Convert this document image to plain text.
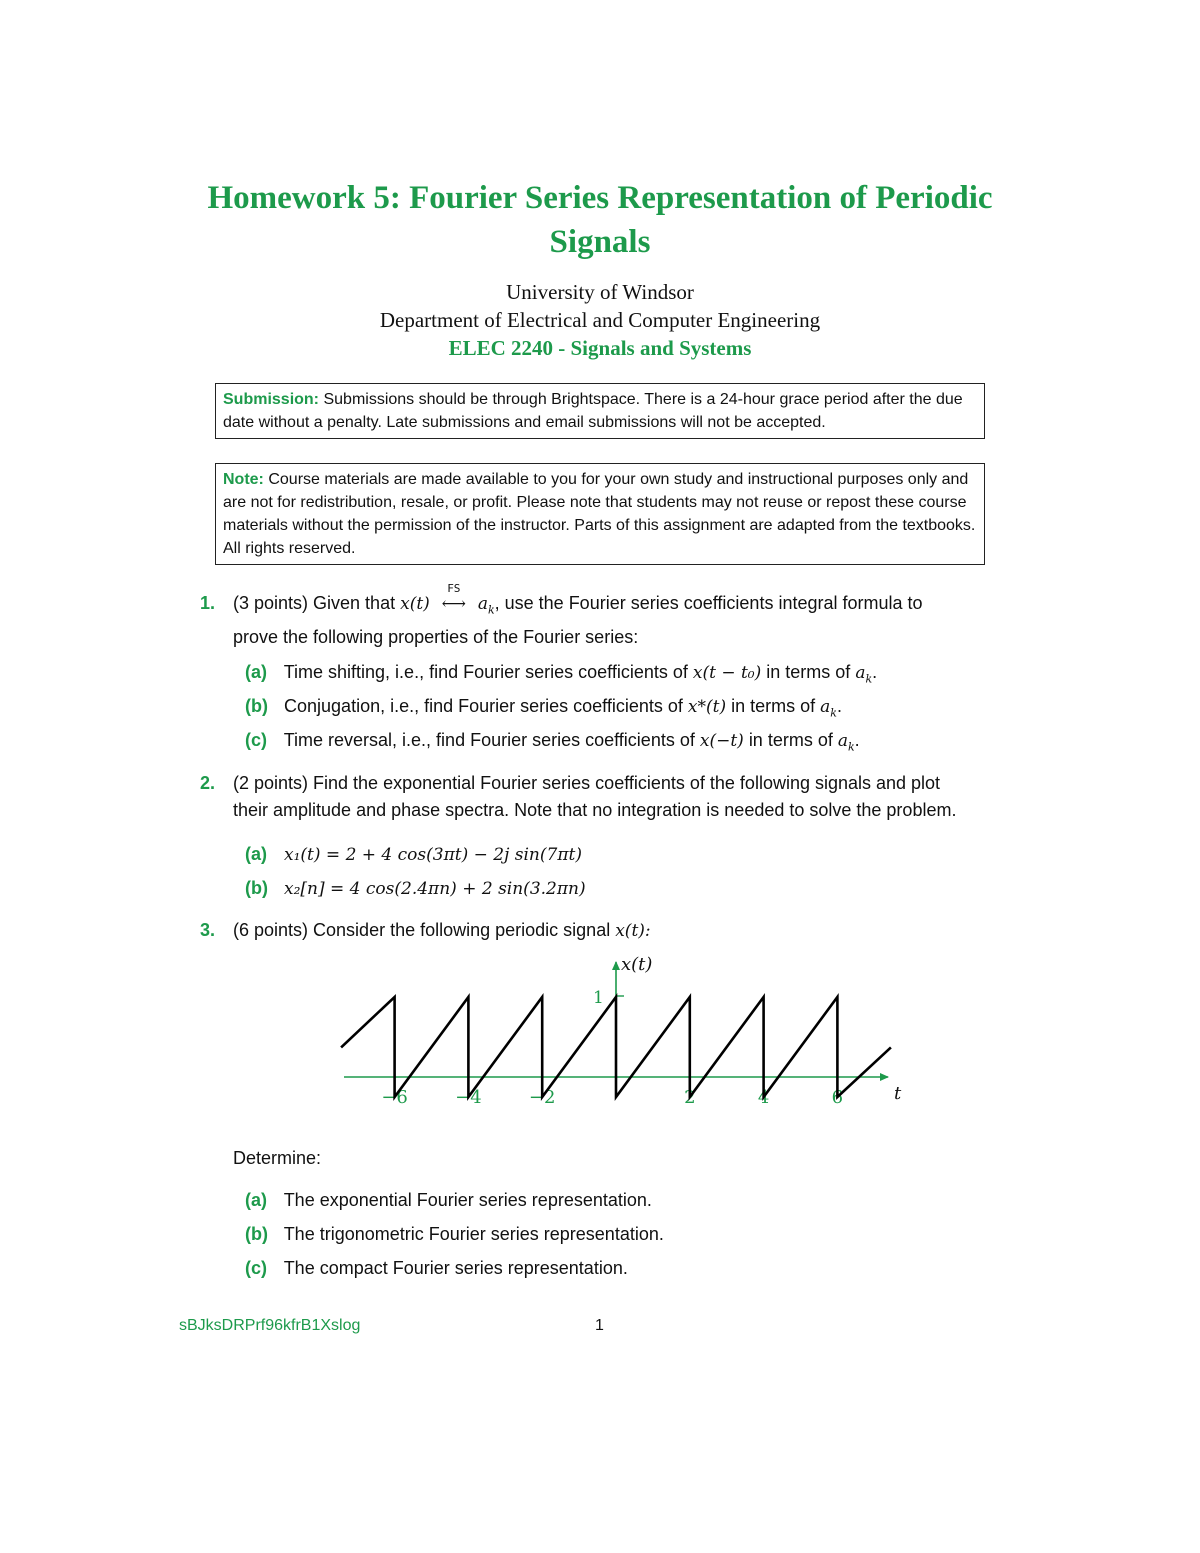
Homework 5: Fourier Series Representation of Periodic
Signals
University of Windsor
Department of Electrical and Computer Engineering
ELEC 2240 - Signals and Systems
Submission: Submissions should be through Brightspace. There is a 24-hour grace period after the due date without a penalty. Late submissions and email submissions will not be accepted.
Note: Course materials are made available to you for your own study and instructional purposes only and are not for redistribution, resale, or profit. Please note that students may not reuse or repost these course materials without the permission of the instructor. Parts of this assignment are adapted from the textbooks. All rights reserved.
1. (3 points) Given that x(t)
FS
⟷ $a_k$, use the Fourier series coefficients integral formula to
prove the following properties of the Fourier series:
(a) Time shifting, i.e., find Fourier series coefficients of x(t − t₀) in terms of $a_k$.
(b) Conjugation, i.e., find Fourier series coefficients of x*(t) in terms of $a_k$.
(c) Time reversal, i.e., find Fourier series coefficients of x(−t) in terms of $a_k$.
2. (2 points) Find the exponential Fourier series coefficients of the following signals and plot
their amplitude and phase spectra. Note that no integration is needed to solve the problem.
(a) x₁(t) = 2 + 4 cos(3πt) − 2j sin(7πt)
(b) x₂[n] = 4 cos(2.4πn) + 2 sin(3.2πn)
3. (6 points) Consider the following periodic signal x(t):
−6	−4	−2	2	4	6
x(t)
t
1
Determine:
(a) The exponential Fourier series representation.
(b) The trigonometric Fourier series representation.
(c) The compact Fourier series representation.
sBJksDRPrf96kfrB1Xslog	1
